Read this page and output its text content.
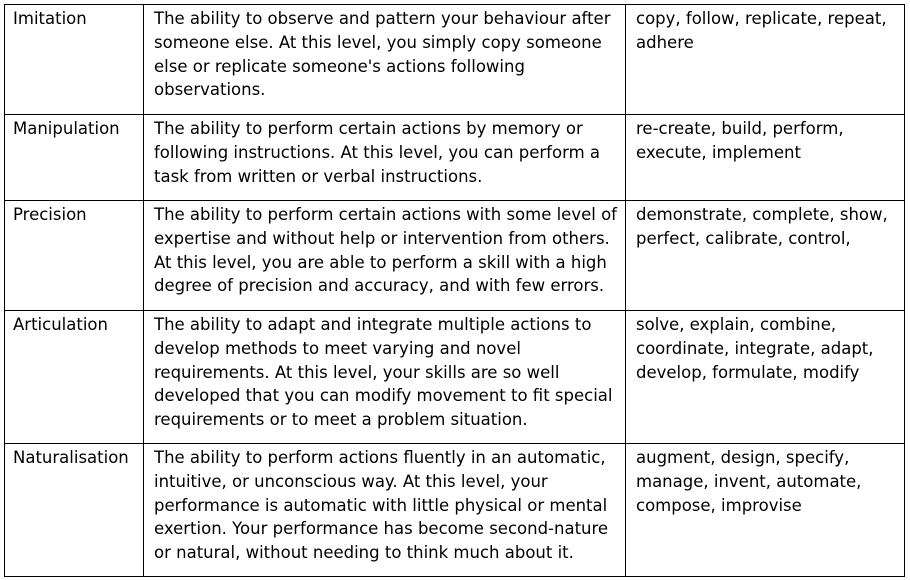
Imitation	The ability to observe and pattern your behaviour after someone else. At this level, you simply copy someone else or replicate someone's actions following observations.	copy, follow, replicate, repeat, adhere

Manipulation	The ability to perform certain actions by memory or following instructions. At this level, you can perform a task from written or verbal instructions.	re-create, build, perform, execute, implement

Precision	The ability to perform certain actions with some level of expertise and without help or intervention from others. At this level, you are able to perform a skill with a high degree of precision and accuracy, and with few errors.	demonstrate, complete, show, perfect, calibrate, control,

Articulation	The ability to adapt and integrate multiple actions to develop methods to meet varying and novel requirements. At this level, your skills are so well developed that you can modify movement to fit special requirements or to meet a problem situation.	solve, explain, combine, coordinate, integrate, adapt, develop, formulate, modify

Naturalisation	The ability to perform actions fluently in an automatic, intuitive, or unconscious way. At this level, your performance is automatic with little physical or mental exertion. Your performance has become second-nature or natural, without needing to think much about it.	augment, design, specify, manage, invent, automate, compose, improvise
